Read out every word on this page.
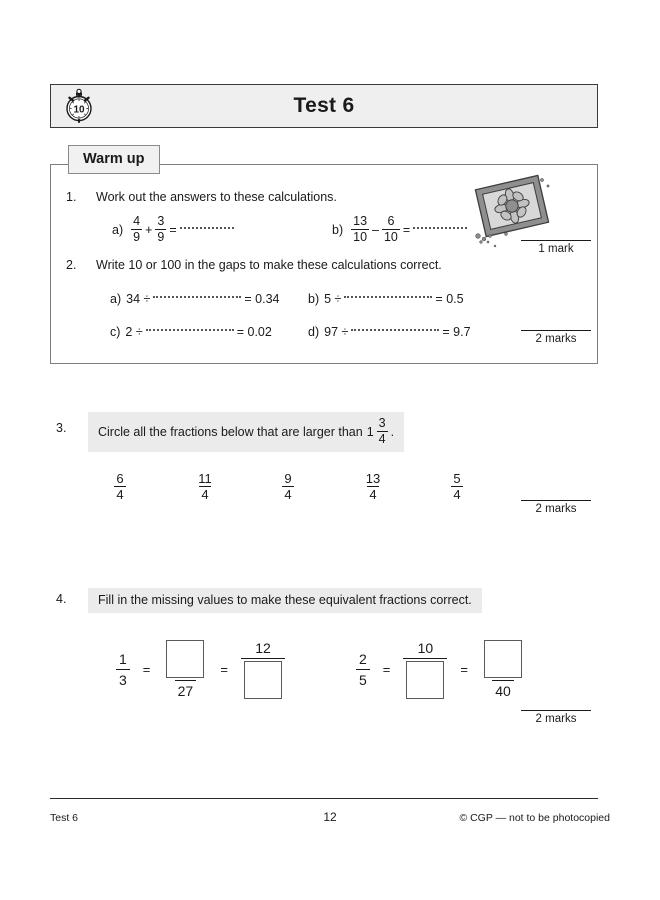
10	Test 6
Warm up
1. Work out the answers to these calculations.
$a) \frac{4}{9} + \frac{3}{9}$ =	$b) \frac{13}{10} - \frac{6}{10}$ =
1 mark
2. Write 10 or 100 in the gaps to make these calculations correct.
a) 34 ÷	= 0.34 b) 5 ÷	= 0.5
c) 2 ÷	= 0.02	d) 97 ÷	= 9.7	2 marks
3.	Circle all the fractions below that are larger than $1 \frac{3}{4}$ .
$\frac{6}{4}$	$\frac{11}{4}$	$\frac{9}{4}$	$\frac{13}{4}$	$\frac{5}{4}$
2 marks
4.	Fill in the missing values to make these equivalent fractions correct.
$\frac{1}{3}$ =
27
=
12
$\frac{2}{5}$ =
10
=
40
2 marks
Test 6	12	© CGP — not to be photocopied
